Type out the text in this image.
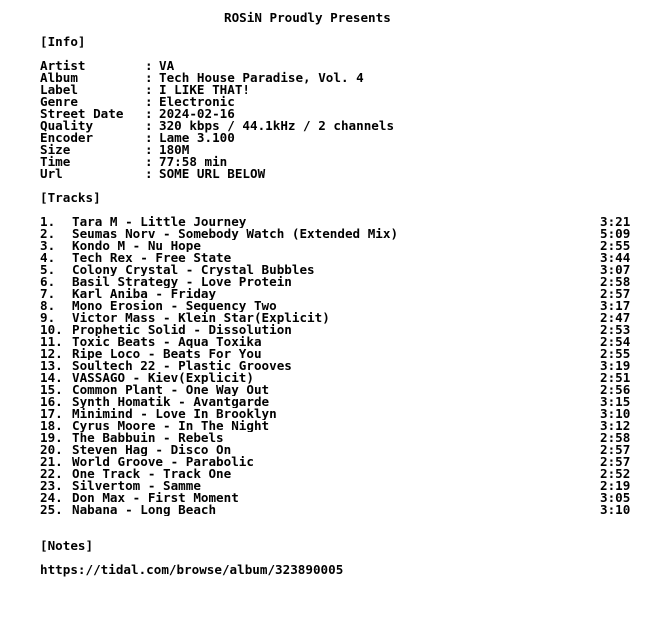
ROSiN Proudly Presents
[Info]
Artist	: VA
Album	: Tech House Paradise, Vol. 4
Label	: I LIKE THAT!
Genre	: Electronic
Street Date	: 2024-02-16
Quality	: 320 kbps / 44.1kHz / 2 channels
Encoder	: Lame 3.100
Size	: 180M
Time	: 77:58 min
Url	: SOME URL BELOW
[Tracks]
1.	Tara M - Little Journey	3:21
2.	Seumas Norv - Somebody Watch (Extended Mix)	5:09
3.	Kondo M - Nu Hope	2:55
4.	Tech Rex - Free State	3:44
5.	Colony Crystal - Crystal Bubbles	3:07
6.	Basil Strategy - Love Protein	2:58
7.	Karl Aniba - Friday	2:57
8.	Mono Erosion - Sequency Two	3:17
9.	Victor Mass - Klein Star(Explicit)	2:47
10. Prophetic Solid - Dissolution	2:53
11. Toxic Beats - Aqua Toxika	2:54
12. Ripe Loco - Beats For You	2:55
13. Soultech 22 - Plastic Grooves	3:19
14. VASSAGO - Kiev(Explicit)	2:51
15. Common Plant - One Way Out	2:56
16. Synth Homatik - Avantgarde	3:15
17. Minimind - Love In Brooklyn	3:10
18. Cyrus Moore - In The Night	3:12
19. The Babbuin - Rebels	2:58
20. Steven Hag - Disco On	2:57
21. World Groove - Parabolic	2:57
22. One Track - Track One	2:52
23. Silvertom - Samme	2:19
24. Don Max - First Moment	3:05
25. Nabana - Long Beach	3:10
[Notes]
https://tidal.com/browse/album/323890005
